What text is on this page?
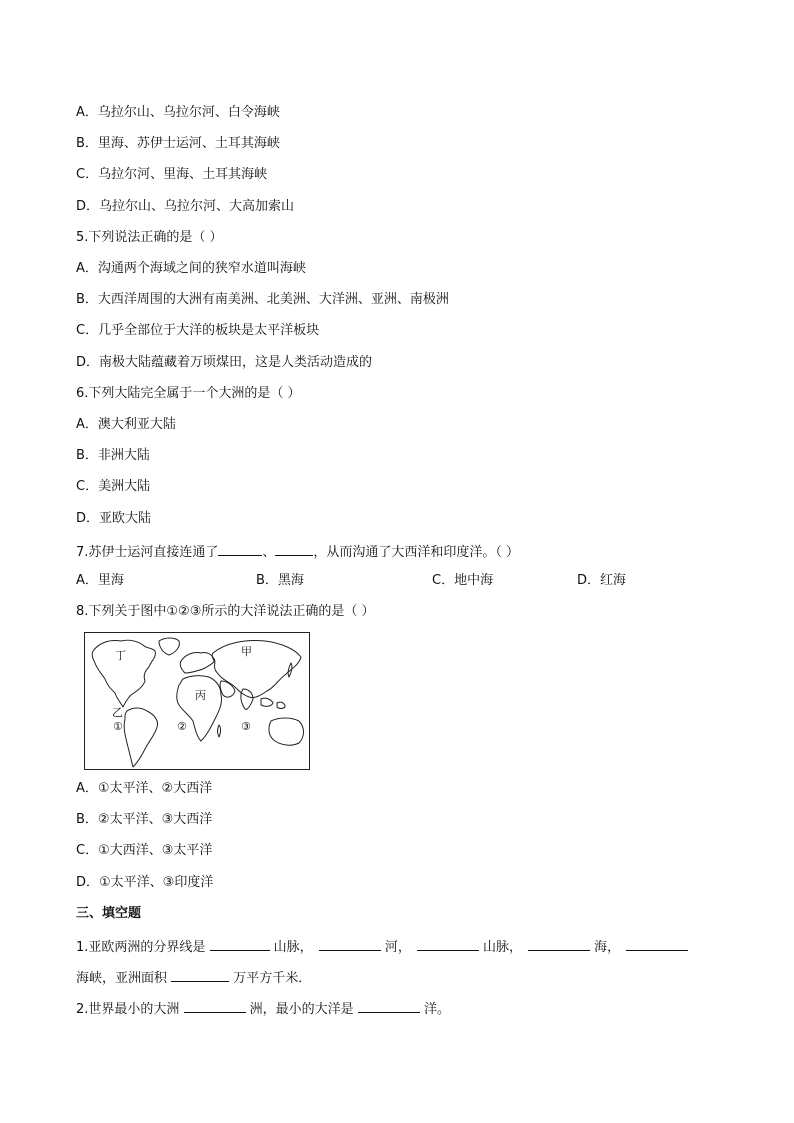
A．乌拉尔山、乌拉尔河、白令海峡
B．里海、苏伊士运河、土耳其海峡
C．乌拉尔河、里海、土耳其海峡
D．乌拉尔山、乌拉尔河、大高加索山
5.下列说法正确的是（ ）
A．沟通两个海域之间的狭窄水道叫海峡
B．大西洋周围的大洲有南美洲、北美洲、大洋洲、亚洲、南极洲
C．几乎全部位于大洋的板块是太平洋板块
D．南极大陆蕴藏着万顷煤田，这是人类活动造成的
6.下列大陆完全属于一个大洲的是（ ）
A．澳大利亚大陆
B．非洲大陆
C．美洲大陆
D．亚欧大陆
7.苏伊士运河直接连通了	、	，从而沟通了大西洋和印度洋。（ ）
A．里海	B．黑海	C．地中海	D．红海
8.下列关于图中①②③所示的大洋说法正确的是（ ）
丁	甲
丙
乙
①	②	③
A．①太平洋、②大西洋
B．②太平洋、③大西洋
C．①大西洋、③太平洋
D．①太平洋、③印度洋
三、填空题
1.亚欧两洲的分界线是	山脉，	河，	山脉，	海，
海峡，亚洲面积	万平方千米．
2.世界最小的大洲	洲，最小的大洋是	洋。
